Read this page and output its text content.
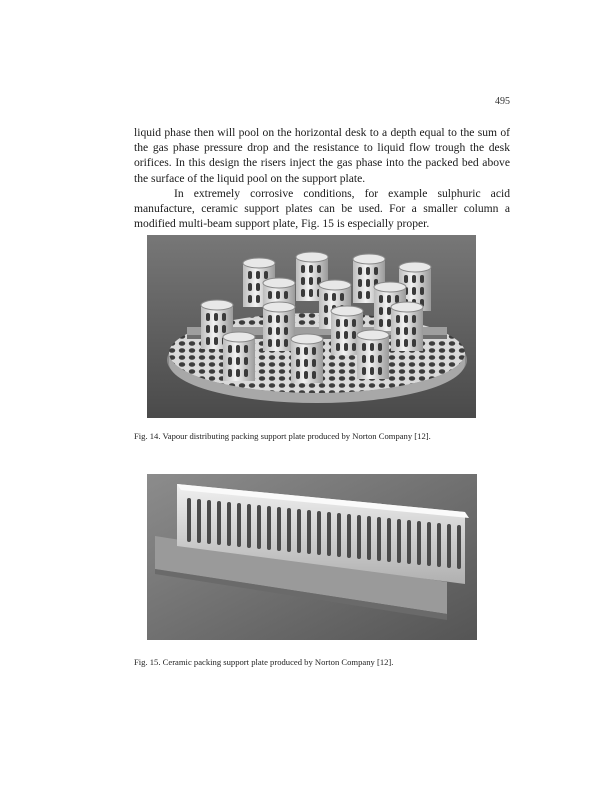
495

liquid phase then will pool on the horizontal desk to a depth equal to the sum of the gas phase pressure drop and the resistance to liquid flow trough the desk orifices. In this design the risers inject the gas phase into the packed bed above the surface of the liquid pool on the support plate.

In extremely corrosive conditions, for example sulphuric acid manufacture, ceramic support plates can be used. For a smaller column a modified multi-beam support plate, Fig. 15 is especially proper.

Fig. 14. Vapour distributing packing support plate produced by Norton Company [12].

Fig. 15. Ceramic packing support plate produced by Norton Company [12].
